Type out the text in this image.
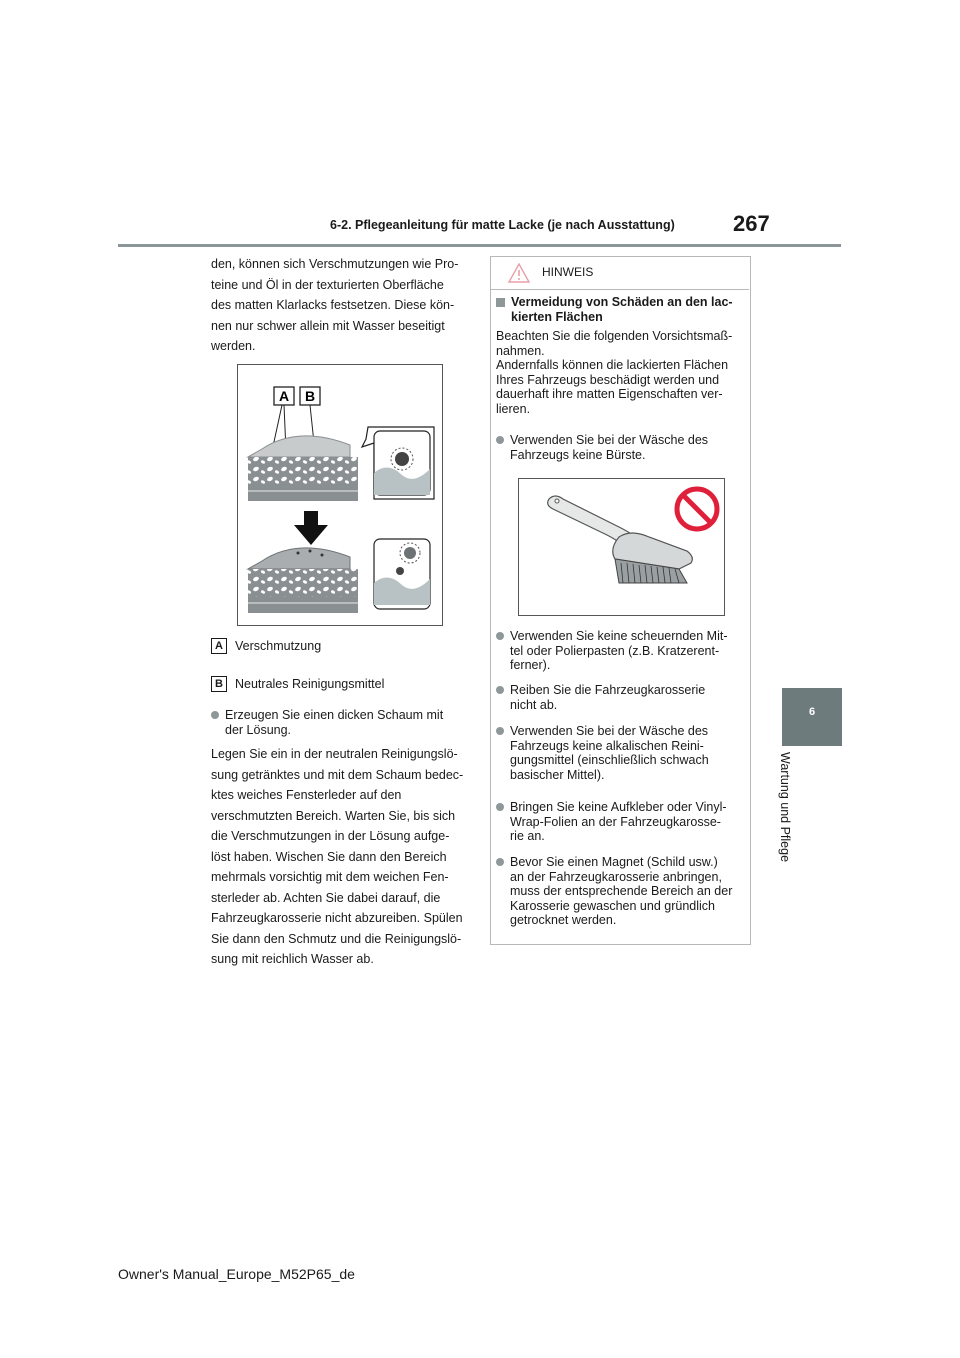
6-2. Pflegeanleitung für matte Lacke (je nach Ausstattung)	267
6
Wartung und Pflege
den, können sich Verschmutzungen wie Pro-
teine und Öl in der texturierten Oberfläche
des matten Klarlacks festsetzen. Diese kön-
nen nur schwer allein mit Wasser beseitigt
werden.
A B
A Verschmutzung
B Neutrales Reinigungsmittel
Erzeugen Sie einen dicken Schaum mit
der Lösung.
Legen Sie ein in der neutralen Reinigungslö-
sung getränktes und mit dem Schaum bedec-
ktes weiches Fensterleder auf den
verschmutzten Bereich. Warten Sie, bis sich
die Verschmutzungen in der Lösung aufge-
löst haben. Wischen Sie dann den Bereich
mehrmals vorsichtig mit dem weichen Fen-
sterleder ab. Achten Sie dabei darauf, die
Fahrzeugkarosserie nicht abzureiben. Spülen
Sie dann den Schmutz und die Reinigungslö-
sung mit reichlich Wasser ab.
HINWEIS
Vermeidung von Schäden an den lac-
kierten Flächen
Beachten Sie die folgenden Vorsichtsmaß-
nahmen.
Andernfalls können die lackierten Flächen
Ihres Fahrzeugs beschädigt werden und
dauerhaft ihre matten Eigenschaften ver-
lieren.
Verwenden Sie bei der Wäsche des
Fahrzeugs keine Bürste.
Verwenden Sie keine scheuernden Mit-
tel oder Polierpasten (z.B. Kratzerent-
ferner).
Reiben Sie die Fahrzeugkarosserie
nicht ab.
Verwenden Sie bei der Wäsche des
Fahrzeugs keine alkalischen Reini-
gungsmittel (einschließlich schwach
basischer Mittel).
Bringen Sie keine Aufkleber oder Vinyl-
Wrap-Folien an der Fahrzeugkarosse-
rie an.
Bevor Sie einen Magnet (Schild usw.)
an der Fahrzeugkarosserie anbringen,
muss der entsprechende Bereich an der
Karosserie gewaschen und gründlich
getrocknet werden.
Owner's Manual_Europe_M52P65_de
